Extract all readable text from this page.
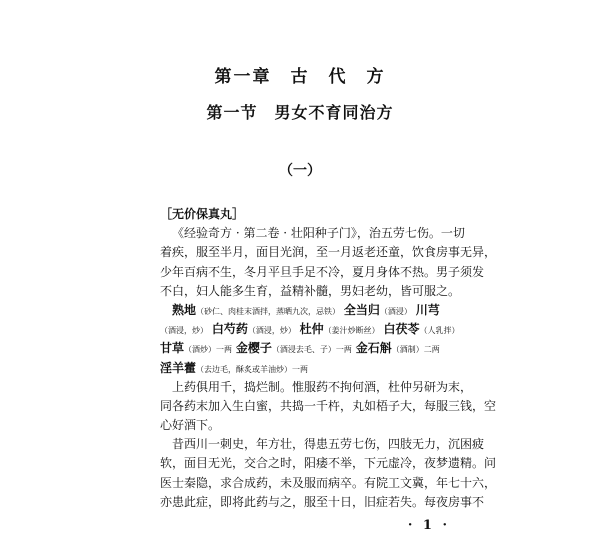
第一章　古　代　方
第一节　男女不育同治方
（一）
［无价保真丸］
《经验奇方 · 第二卷 · 壮阳种子门》，治五劳七伤。一切
着疾，服至半月，面目光润，至一月返老还童，饮食房事无异，
少年百病不生，冬月平旦手足不冷，夏月身体不热。男子须发
不白，妇人能多生育，益精补髓，男妇老幼，皆可服之。
熟地（砂仁、肉桂末酒拌，蒸晒九次，忌铁） 全当归（酒浸） 川芎
（酒浸，炒） 白芍药（酒浸，炒） 杜仲（姜汁炒断丝） 白茯苓（人乳拌）
甘草（酒炒）一两 金樱子（酒浸去毛、子）一两 金石斛（酒制）二两
淫羊藿（去边毛，酥炙或羊油炒）一两
上药俱用千，捣烂制。惟服药不拘何酒，杜仲另研为末，
同各药末加入生白蜜，共捣一千杵，丸如梧子大，每服三钱，空
心好酒下。
昔西川一刺史，年方壮，得患五劳七伤，四肢无力，沉困疲
软，面目无光，交合之时，阳痿不举，下元虚冷，夜梦遗精。问
医士秦隐，求合成药，未及服而病卒。有院工文冀，年七十六，
亦患此症，即将此药与之，服至十日，旧症若失。每夜房事不
· 1 ·
